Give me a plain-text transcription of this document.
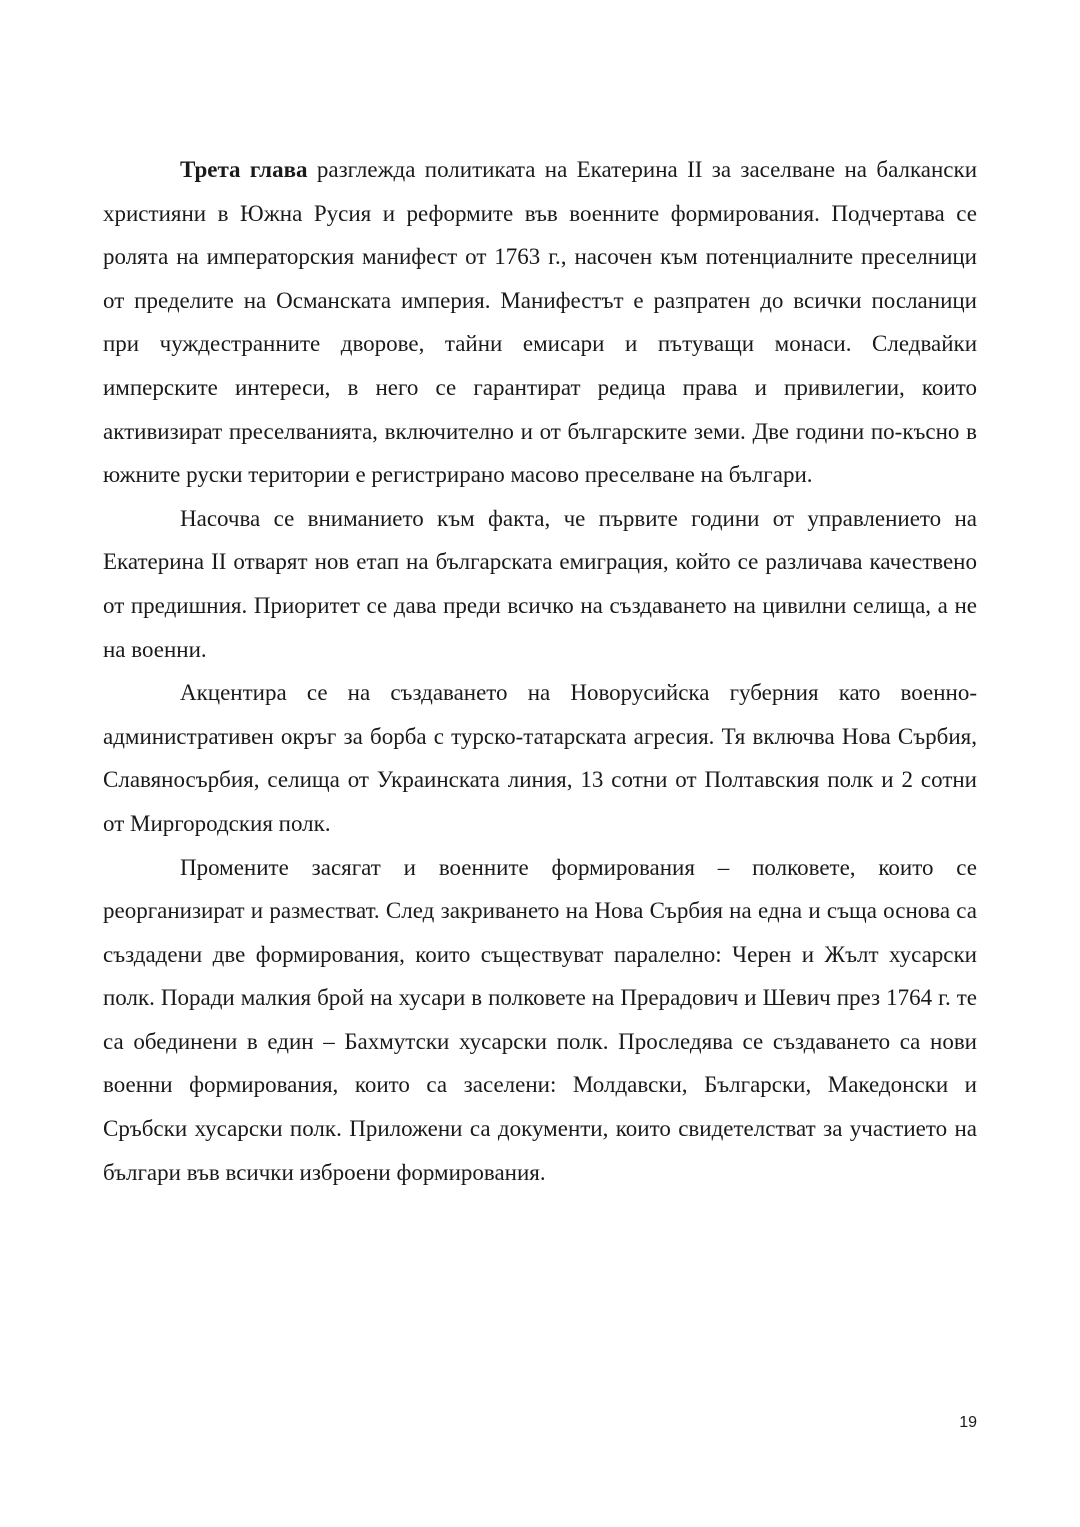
Трета глава разглежда политиката на Екатерина II за заселване на балкански християни в Южна Русия и реформите във военните формирования. Подчертава се ролята на императорския манифест от 1763 г., насочен към потенциалните преселници от пределите на Османската империя. Манифестът е разпратен до всички посланици при чуждестранните дворове, тайни емисари и пътуващи монаси. Следвайки имперските интереси, в него се гарантират редица права и привилегии, които активизират преселванията, включително и от българските земи. Две години по-късно в южните руски територии е регистрирано масово преселване на българи.

Насочва се вниманието към факта, че първите години от управлението на Екатерина II отварят нов етап на българската емиграция, който се различава качествено от предишния. Приоритет се дава преди всичко на създаването на цивилни селища, а не на военни.

Акцентира се на създаването на Новорусийска губерния като военно-административен окръг за борба с турско-татарската агресия. Тя включва Нова Сърбия, Славяносърбия, селища от Украинската линия, 13 сотни от Полтавския полк и 2 сотни от Миргородския полк.

Промените засягат и военните формирования – полковете, които се реорганизират и разместват. След закриването на Нова Сърбия на една и съща основа са създадени две формирования, които съществуват паралелно: Черен и Жълт хусарски полк. Поради малкия брой на хусари в полковете на Прерадович и Шевич през 1764 г. те са обединени в един – Бахмутски хусарски полк. Проследява се създаването са нови военни формирования, които са заселени: Молдавски, Български, Македонски и Сръбски хусарски полк. Приложени са документи, които свидетелстват за участието на българи във всички изброени формирования.

19
